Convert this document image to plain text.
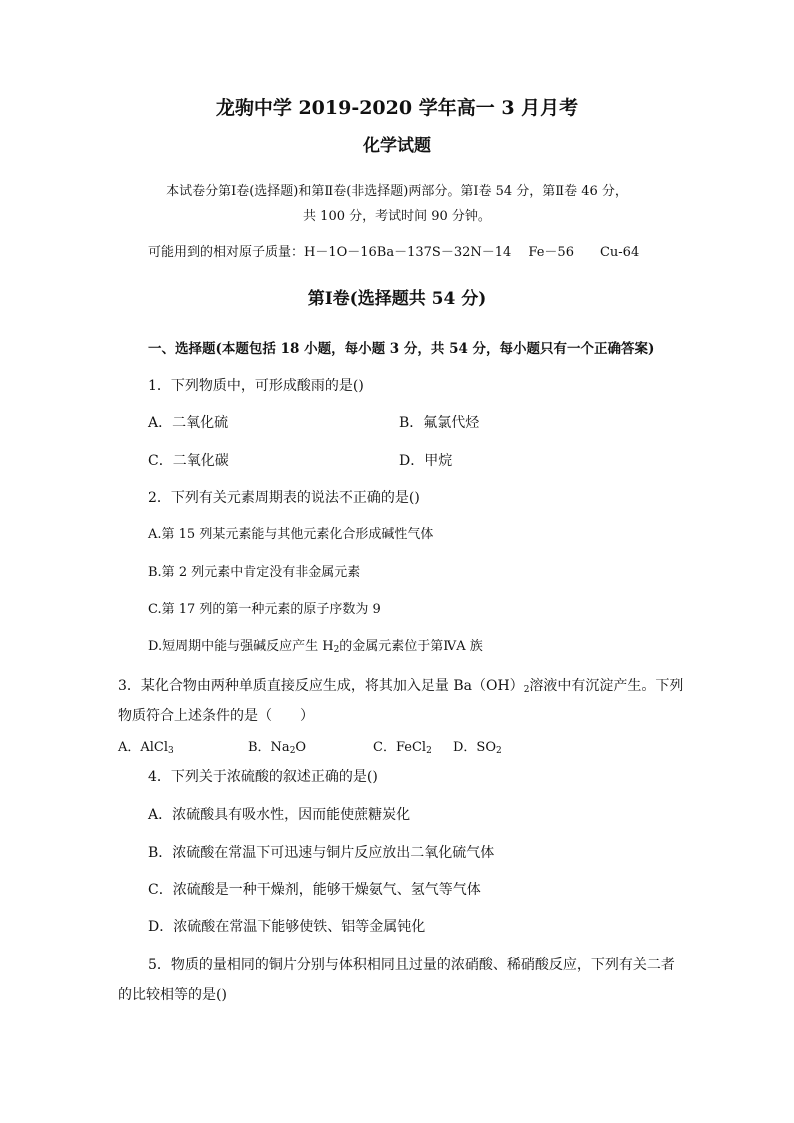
龙驹中学 2019-2020 学年高一 3 月月考
化学试题
本试卷分第Ⅰ卷(选择题)和第Ⅱ卷(非选择题)两部分。第Ⅰ卷 54 分，第Ⅱ卷 46 分，
共 100 分，考试时间 90 分钟。
可能用到的相对原子质量：H－1O－16Ba－137S－32N－14　 Fe－56　　Cu-64
第Ⅰ卷(选择题共 54 分)
一、选择题(本题包括 18 小题，每小题 3 分，共 54 分，每小题只有一个正确答案)
1．下列物质中，可形成酸雨的是()
A．二氧化硫	B．氟氯代烃
C．二氧化碳	D．甲烷
2．下列有关元素周期表的说法不正确的是()
A.第 15 列某元素能与其他元素化合形成碱性气体
B.第 2 列元素中肯定没有非金属元素
C.第 17 列的第一种元素的原子序数为 9
D.短周期中能与强碱反应产生 $H_2$的金属元素位于第ⅣA 族
3．某化合物由两种单质直接反应生成，将其加入足量 $Ba(OH)_2$溶液中有沉淀产生。下列
物质符合上述条件的是（　　）
A．AlCl$_3$	B．$Na_2O$	C．FeCl$_2$ D．$SO_2$
4．下列关于浓硫酸的叙述正确的是()
A．浓硫酸具有吸水性，因而能使蔗糖炭化
B．浓硫酸在常温下可迅速与铜片反应放出二氧化硫气体
C．浓硫酸是一种干燥剂，能够干燥氨气、氢气等气体
D．浓硫酸在常温下能够使铁、铝等金属钝化
5．物质的量相同的铜片分别与体积相同且过量的浓硝酸、稀硝酸反应，下列有关二者
的比较相等的是()
